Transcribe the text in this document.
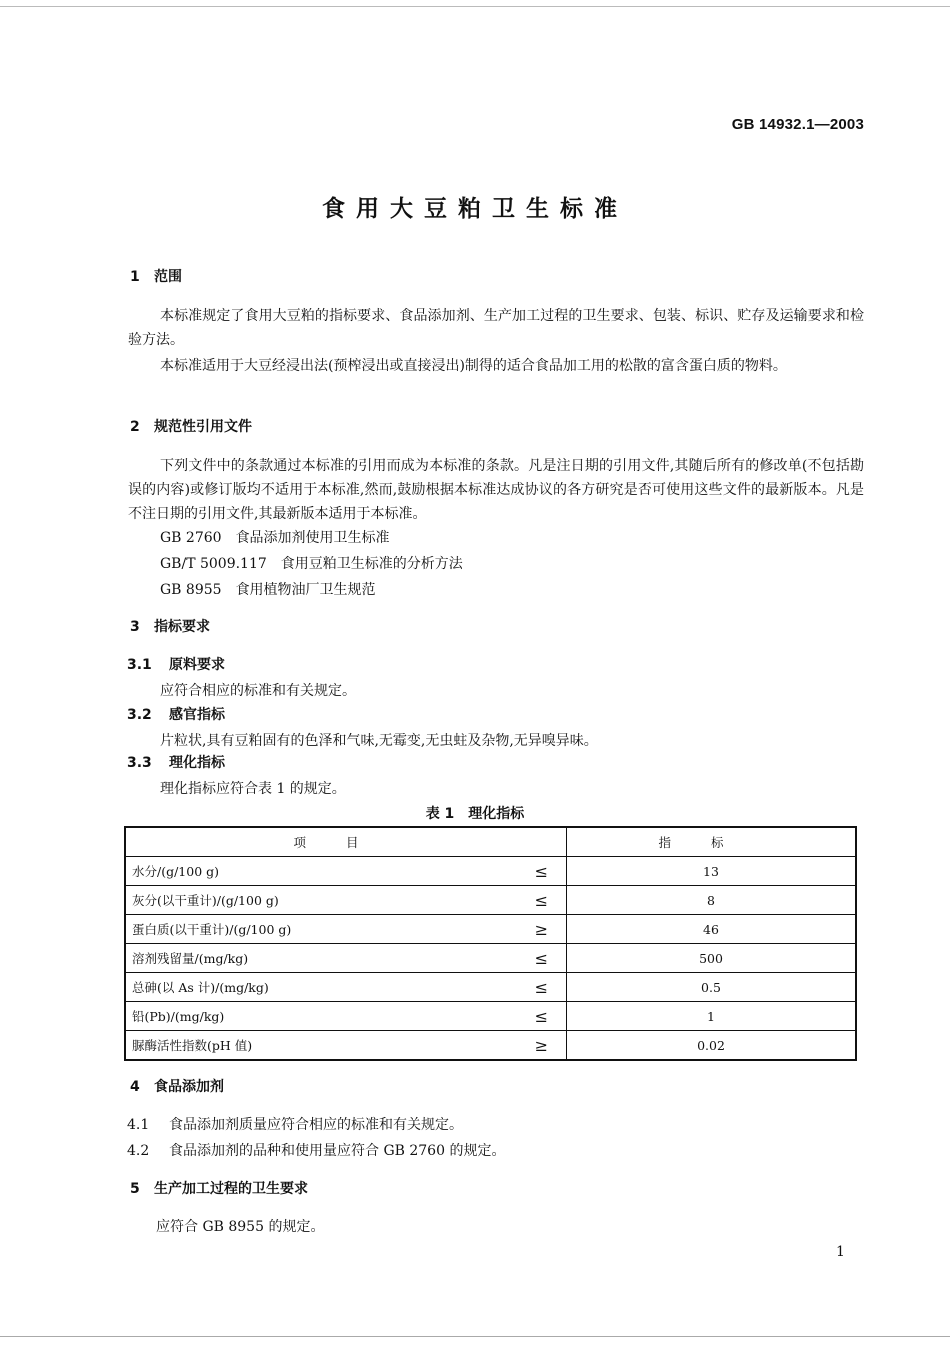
GB 14932.1—2003
食用大豆粕卫生标准
1 范围
本标准规定了食用大豆粕的指标要求、食品添加剂、生产加工过程的卫生要求、包装、标识、贮存及运输要求和检验方法。
本标准适用于大豆经浸出法(预榨浸出或直接浸出)制得的适合食品加工用的松散的富含蛋白质的物料。
2 规范性引用文件
下列文件中的条款通过本标准的引用而成为本标准的条款。凡是注日期的引用文件,其随后所有的修改单(不包括勘误的内容)或修订版均不适用于本标准,然而,鼓励根据本标准达成协议的各方研究是否可使用这些文件的最新版本。凡是不注日期的引用文件,其最新版本适用于本标准。
GB 2760 食品添加剂使用卫生标准
GB/T 5009.117 食用豆粕卫生标准的分析方法
GB 8955 食用植物油厂卫生规范
3 指标要求
3.1 原料要求
应符合相应的标准和有关规定。
3.2 感官指标
片粒状,具有豆粕固有的色泽和气味,无霉变,无虫蛀及杂物,无异嗅异味。
3.3 理化指标
理化指标应符合表 1 的规定。
表 1　理化指标
项目		指标
水分/(g/100 g)	≤	13
灰分(以干重计)/(g/100 g)	≤	8
蛋白质(以干重计)/(g/100 g)	≥	46
溶剂残留量/(mg/kg)	≤	500
总砷(以 As 计)/(mg/kg)	≤	0.5
铅(Pb)/(mg/kg)	≤	1
脲酶活性指数(pH 值)	≥	0.02
4 食品添加剂
4.1 食品添加剂质量应符合相应的标准和有关规定。
4.2 食品添加剂的品种和使用量应符合 GB 2760 的规定。
5 生产加工过程的卫生要求
应符合 GB 8955 的规定。
1
